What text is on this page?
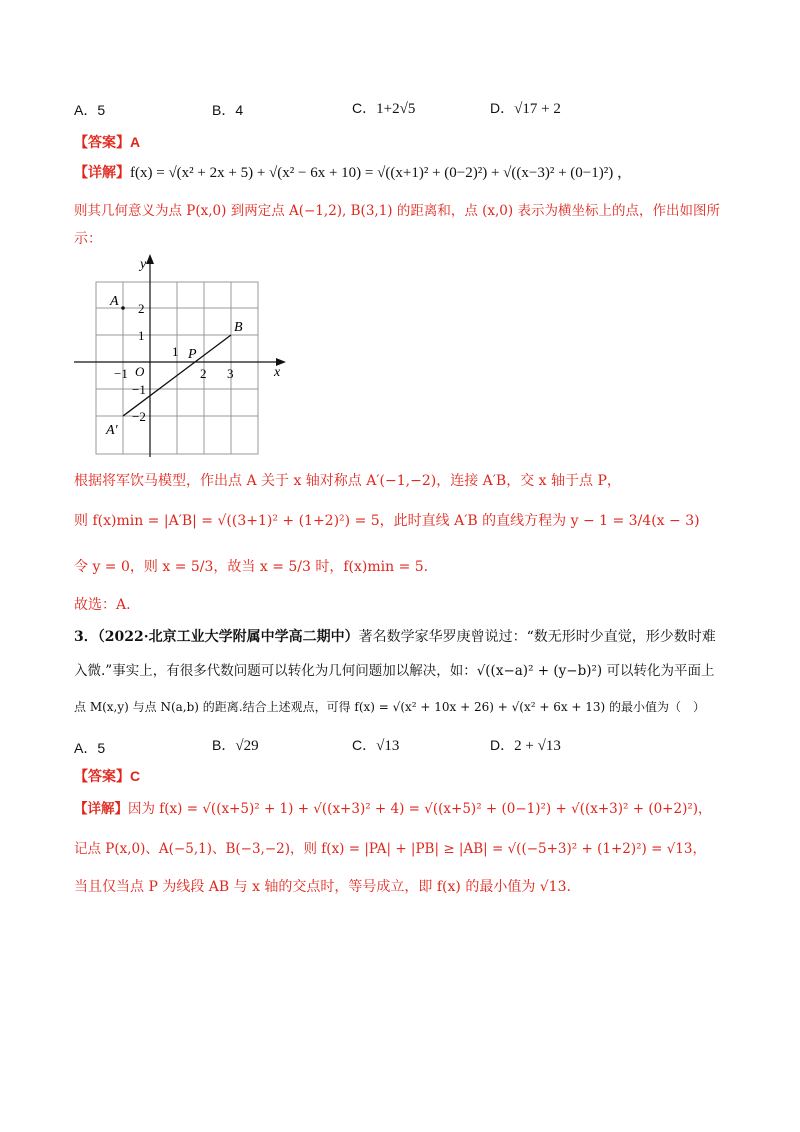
A．5	B．4	C．1+2√5	D．√17 + 2
【答案】A
【详解】f(x) = √(x² + 2x + 5) + √(x² − 6x + 10) = √((x+1)² + (0−2)²) + √((x−3)² + (0−1)²) ，
则其几何意义为点 P(x,0) 到两定点 A(−1,2), B(3,1) 的距离和，点 (x,0) 表示为横坐标上的点，作出如图所
示：
y
x
O
A
B
P
A′
−1
1
2 3
2
1
−1
−2
根据将军饮马模型，作出点 A 关于 x 轴对称点 A′(−1,−2)，连接 A′B，交 x 轴于点 P，
则 f(x)min = |A′B| = √((3+1)² + (1+2)²) = 5，此时直线 A′B 的直线方程为 y − 1 = 3/4(x − 3)
令 y = 0，则 x = 5/3，故当 x = 5/3 时，f(x)min = 5.
故选：A.
3．（2022·北京工业大学附属中学高二期中）著名数学家华罗庚曾说过：“数无形时少直觉，形少数时难
入微.”事实上，有很多代数问题可以转化为几何问题加以解决，如：√((x−a)² + (y−b)²) 可以转化为平面上
点 M(x,y) 与点 N(a,b) 的距离.结合上述观点，可得 f(x) = √(x² + 10x + 26) + √(x² + 6x + 13) 的最小值为（　）
A．5	B．√29	C．√13	D．2 + √13
【答案】C
【详解】因为 f(x) = √((x+5)² + 1) + √((x+3)² + 4) = √((x+5)² + (0−1)²) + √((x+3)² + (0+2)²)，
记点 P(x,0)、A(−5,1)、B(−3,−2)，则 f(x) = |PA| + |PB| ≥ |AB| = √((−5+3)² + (1+2)²) = √13，
当且仅当点 P 为线段 AB 与 x 轴的交点时，等号成立，即 f(x) 的最小值为 √13.
